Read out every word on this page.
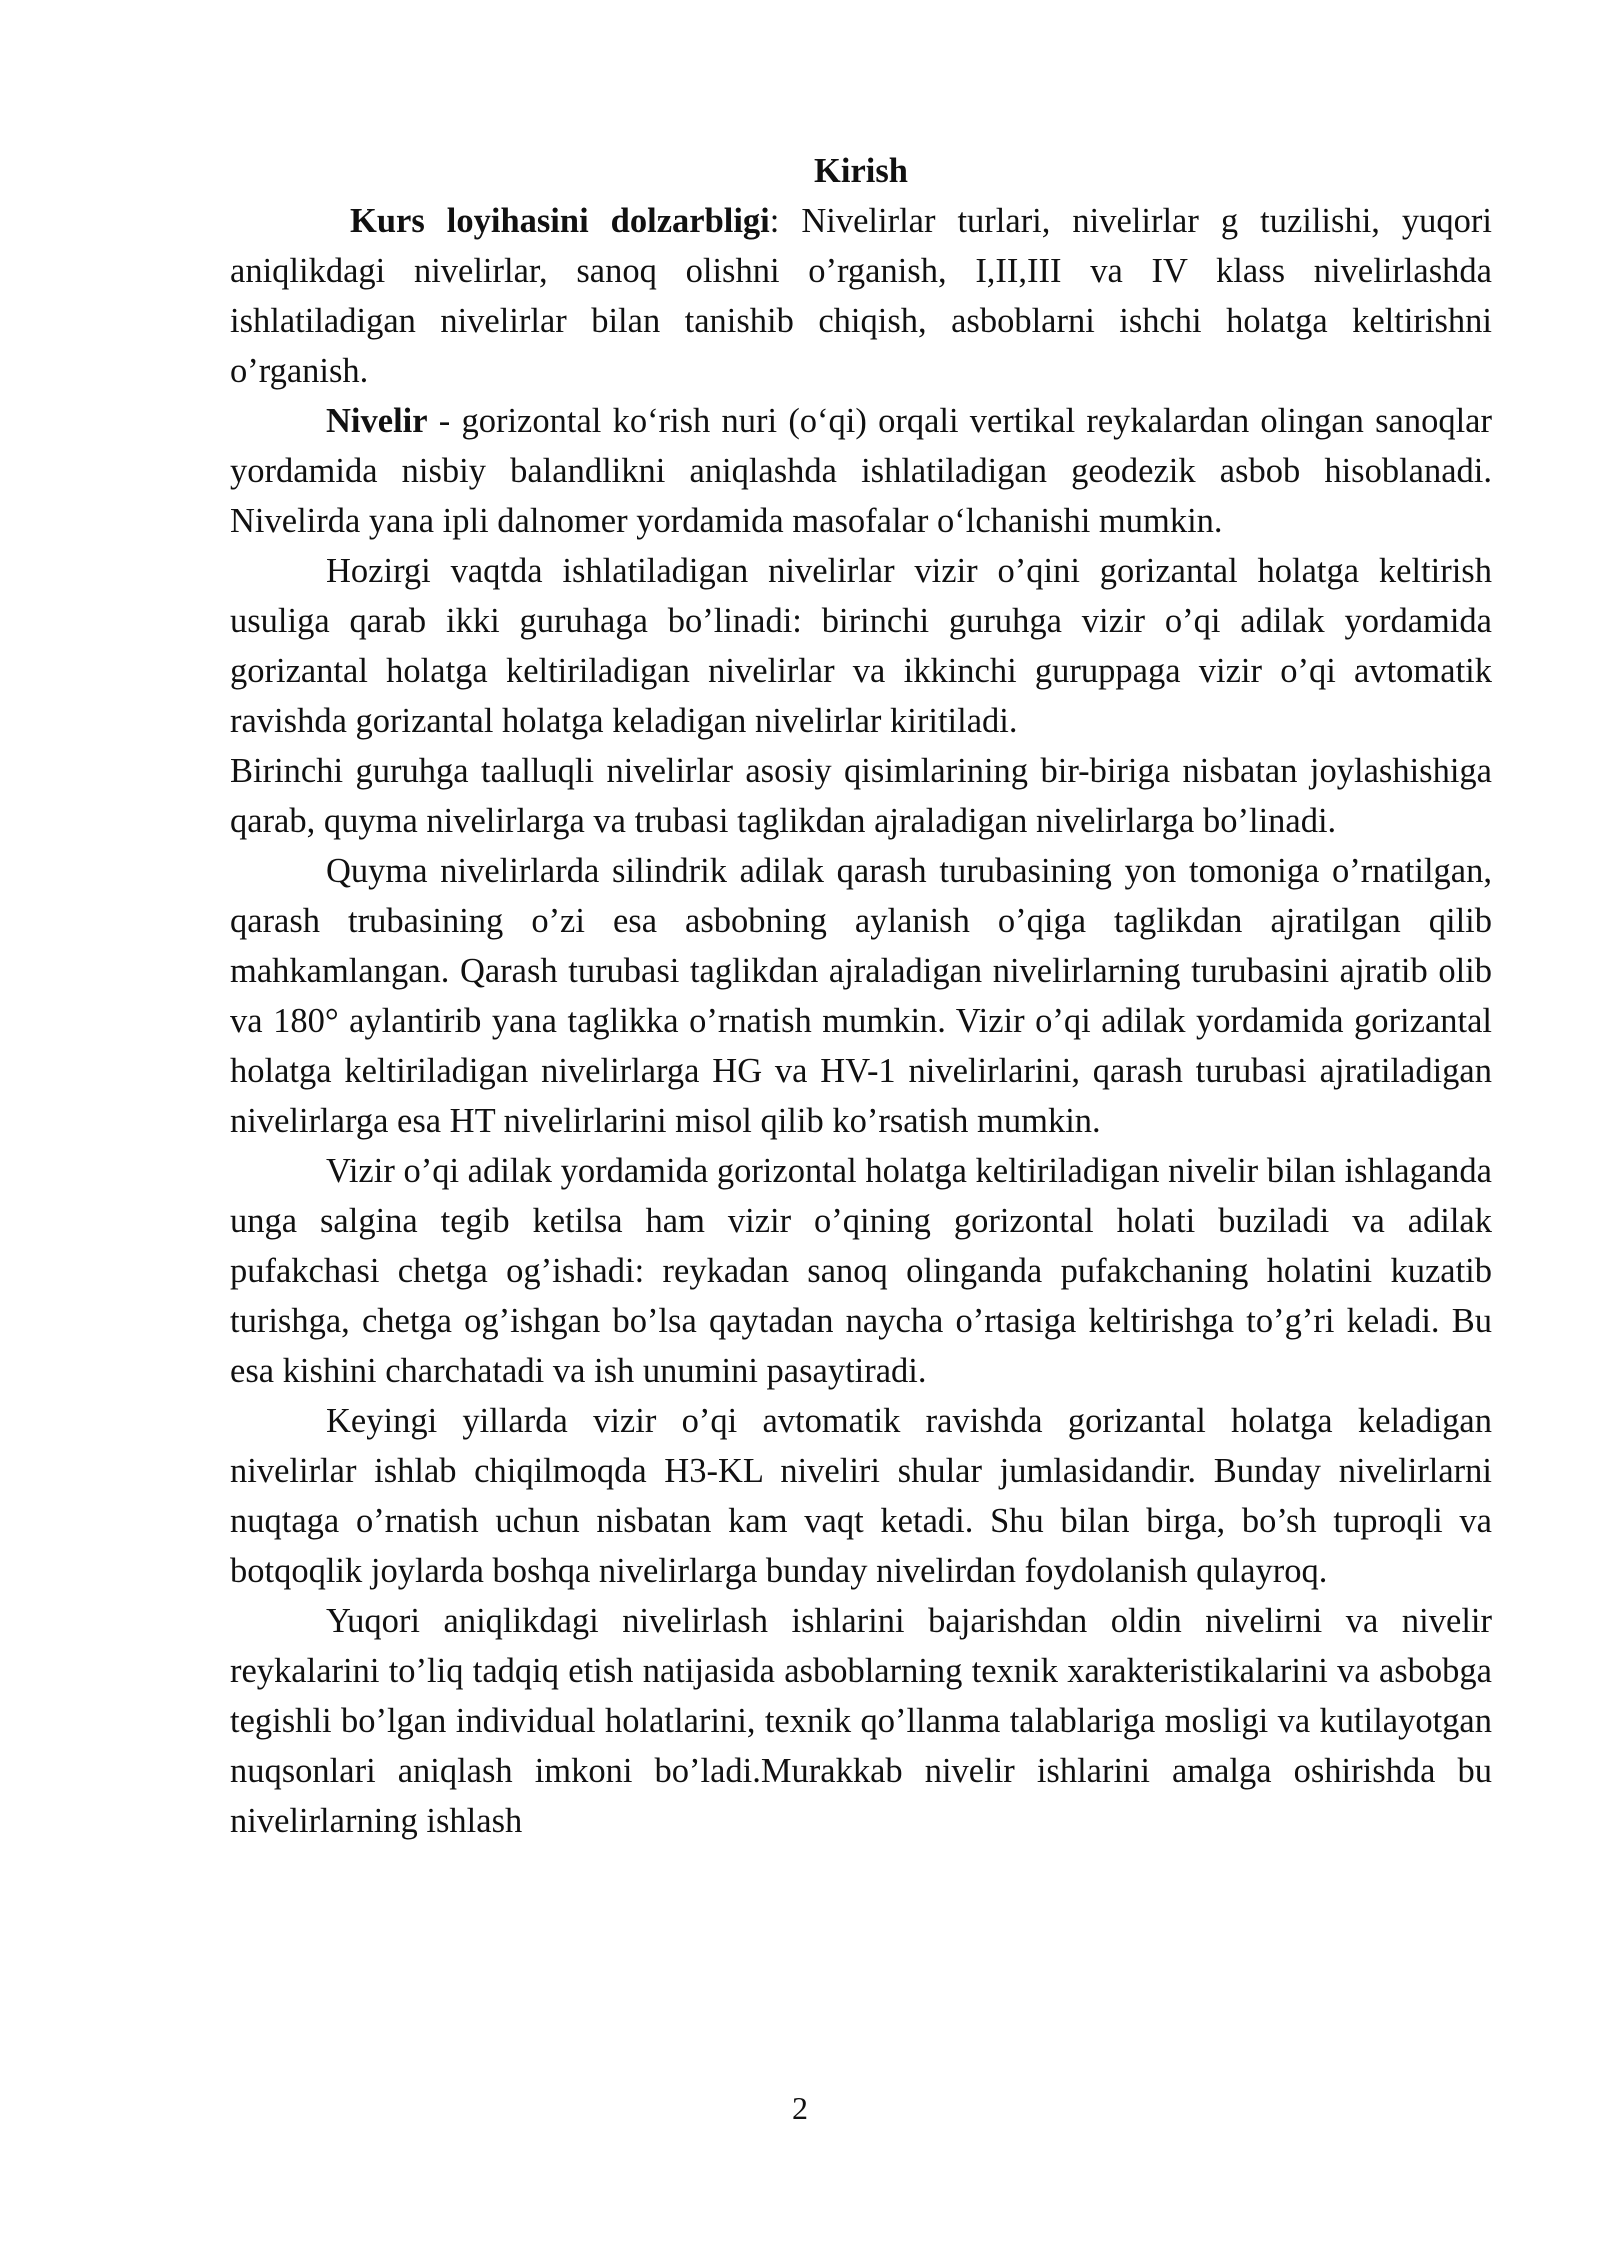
Kirish

Kurs loyihasini dolzarbligi: Nivelirlar turlari, nivelirlar g tuzilishi, yuqori aniqlikdagi nivelirlar, sanoq olishni o’rganish, I,II,III va IV klass nivelirlashda ishlatiladigan nivelirlar bilan tanishib chiqish, asboblarni ishchi holatga keltirishni o’rganish.

Nivelir - gorizontal ko‘rish nuri (o‘qi) orqali vertikal reykalardan olingan sanoqlar yordamida nisbiy balandlikni aniqlashda ishlatiladigan geodezik asbob hisoblanadi. Nivelirda yana ipli dalnomer yordamida masofalar o‘lchanishi mumkin.

Hozirgi vaqtda ishlatiladigan nivelirlar vizir o’qini gorizantal holatga keltirish usuliga qarab ikki guruhaga bo’linadi: birinchi guruhga vizir o’qi adilak yordamida gorizantal holatga keltiriladigan nivelirlar va ikkinchi guruppaga vizir o’qi avtomatik ravishda gorizantal holatga keladigan nivelirlar kiritiladi.

Birinchi guruhga taalluqli nivelirlar asosiy qisimlarining bir-biriga nisbatan joylashishiga qarab, quyma nivelirlarga va trubasi taglikdan ajraladigan nivelirlarga bo’linadi.

Quyma nivelirlarda silindrik adilak qarash turubasining yon tomoniga o’rnatilgan, qarash trubasining o’zi esa asbobning aylanish o’qiga taglikdan ajratilgan qilib mahkamlangan. Qarash turubasi taglikdan ajraladigan nivelirlarning turubasini ajratib olib va 180° aylantirib yana taglikka o’rnatish mumkin. Vizir o’qi adilak yordamida gorizantal holatga keltiriladigan nivelirlarga HG va HV-1 nivelirlarini, qarash turubasi ajratiladigan nivelirlarga esa HT nivelirlarini misol qilib ko’rsatish mumkin.

Vizir o’qi adilak yordamida gorizontal holatga keltiriladigan nivelir bilan ishlaganda unga salgina tegib ketilsa ham vizir o’qining gorizontal holati buziladi va adilak pufakchasi chetga og’ishadi: reykadan sanoq olinganda pufakchaning holatini kuzatib turishga, chetga og’ishgan bo’lsa qaytadan naycha o’rtasiga keltirishga to’g’ri keladi. Bu esa kishini charchatadi va ish unumini pasaytiradi.

Keyingi yillarda vizir o’qi avtomatik ravishda gorizantal holatga keladigan nivelirlar ishlab chiqilmoqda H3-KL niveliri shular jumlasidandir. Bunday nivelirlarni nuqtaga o’rnatish uchun nisbatan kam vaqt ketadi. Shu bilan birga, bo’sh tuproqli va botqoqlik joylarda boshqa nivelirlarga bunday nivelirdan foydolanish qulayroq.

Yuqori aniqlikdagi nivelirlash ishlarini bajarishdan oldin nivelirni va nivelir reykalarini to’liq tadqiq etish natijasida asboblarning texnik xarakteristikalarini va asbobga tegishli bo’lgan individual holatlarini, texnik qo’llanma talablariga mosligi va kutilayotgan nuqsonlari aniqlash imkoni bo’ladi.Murakkab nivelir ishlarini amalga oshirishda bu nivelirlarning ishlash

2
